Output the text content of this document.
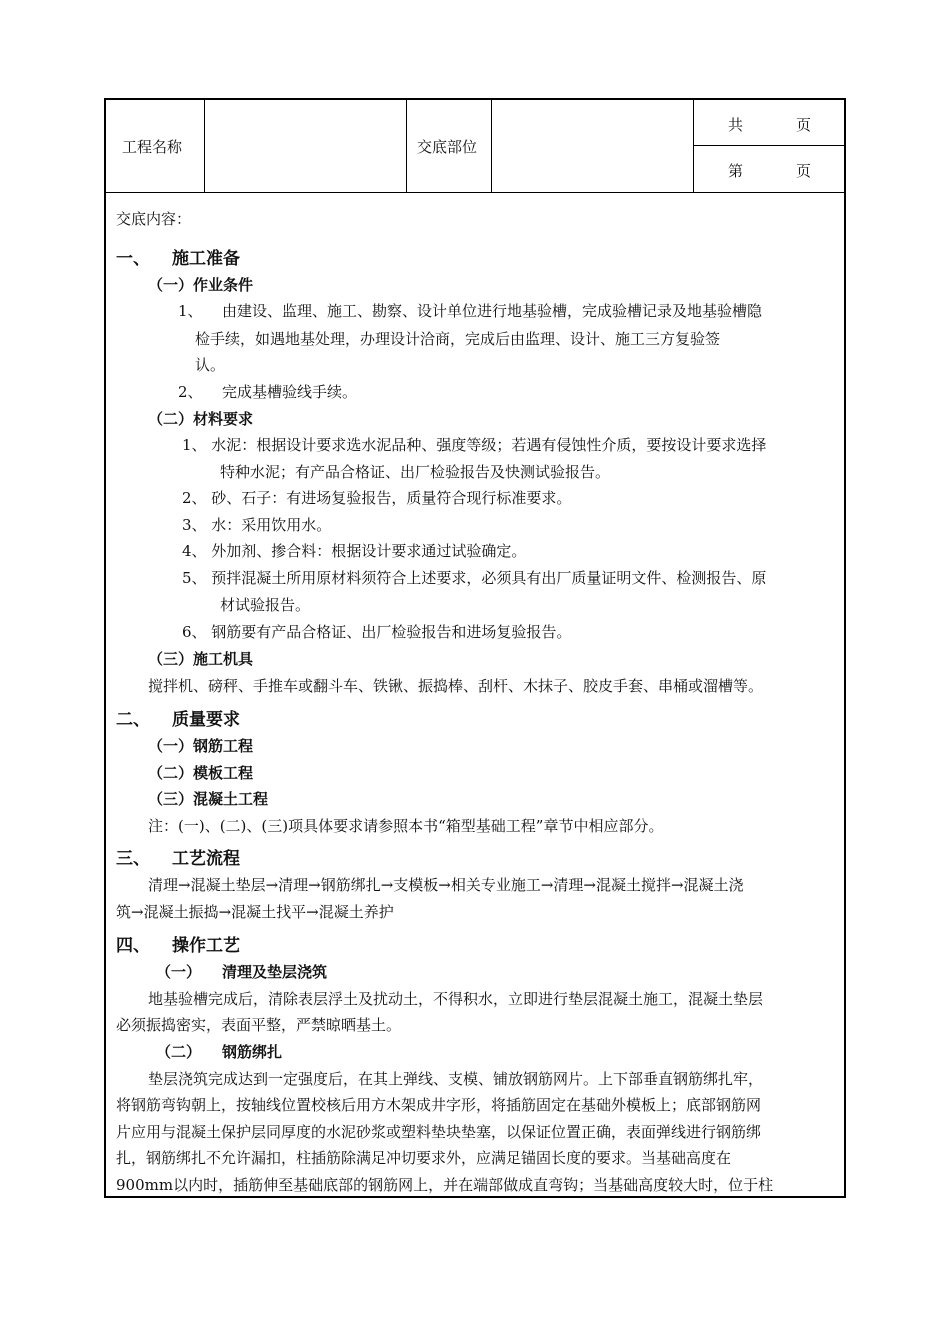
工程名称	交底部位
共	页
第	页
交底内容：
一、 施工准备
（一）作业条件
1、 由建设、监理、施工、勘察、设计单位进行地基验槽，完成验槽记录及地基验槽隐
检手续，如遇地基处理，办理设计洽商，完成后由监理、设计、施工三方复验签
认。
2、 完成基槽验线手续。
（二）材料要求
1、 水泥：根据设计要求选水泥品种、强度等级；若遇有侵蚀性介质，要按设计要求选择
特种水泥；有产品合格证、出厂检验报告及快测试验报告。
2、 砂、石子：有进场复验报告，质量符合现行标准要求。
3、 水：采用饮用水。
4、 外加剂、掺合料：根据设计要求通过试验确定。
5、 预拌混凝土所用原材料须符合上述要求，必须具有出厂质量证明文件、检测报告、原
材试验报告。
6、 钢筋要有产品合格证、出厂检验报告和进场复验报告。
（三）施工机具
搅拌机、磅秤、手推车或翻斗车、铁锹、振捣棒、刮杆、木抹子、胶皮手套、串桶或溜槽等。
二、 质量要求
（一）钢筋工程
（二）模板工程
（三）混凝土工程
注：(一)、(二)、(三)项具体要求请参照本书“箱型基础工程”章节中相应部分。
三、 工艺流程
清理→混凝土垫层→清理→钢筋绑扎→支模板→相关专业施工→清理→混凝土搅拌→混凝土浇
筑→混凝土振捣→混凝土找平→混凝土养护
四、 操作工艺
（一） 清理及垫层浇筑
地基验槽完成后，清除表层浮土及扰动土，不得积水，立即进行垫层混凝土施工，混凝土垫层
必须振捣密实，表面平整，严禁晾晒基土。
（二） 钢筋绑扎
垫层浇筑完成达到一定强度后，在其上弹线、支模、铺放钢筋网片。上下部垂直钢筋绑扎牢，
将钢筋弯钩朝上，按轴线位置校核后用方木架成井字形，将插筋固定在基础外模板上；底部钢筋网
片应用与混凝土保护层同厚度的水泥砂浆或塑料垫块垫塞，以保证位置正确，表面弹线进行钢筋绑
扎，钢筋绑扎不允许漏扣，柱插筋除满足冲切要求外，应满足锚固长度的要求。当基础高度在
900mm以内时，插筋伸至基础底部的钢筋网上，并在端部做成直弯钩；当基础高度较大时，位于柱
